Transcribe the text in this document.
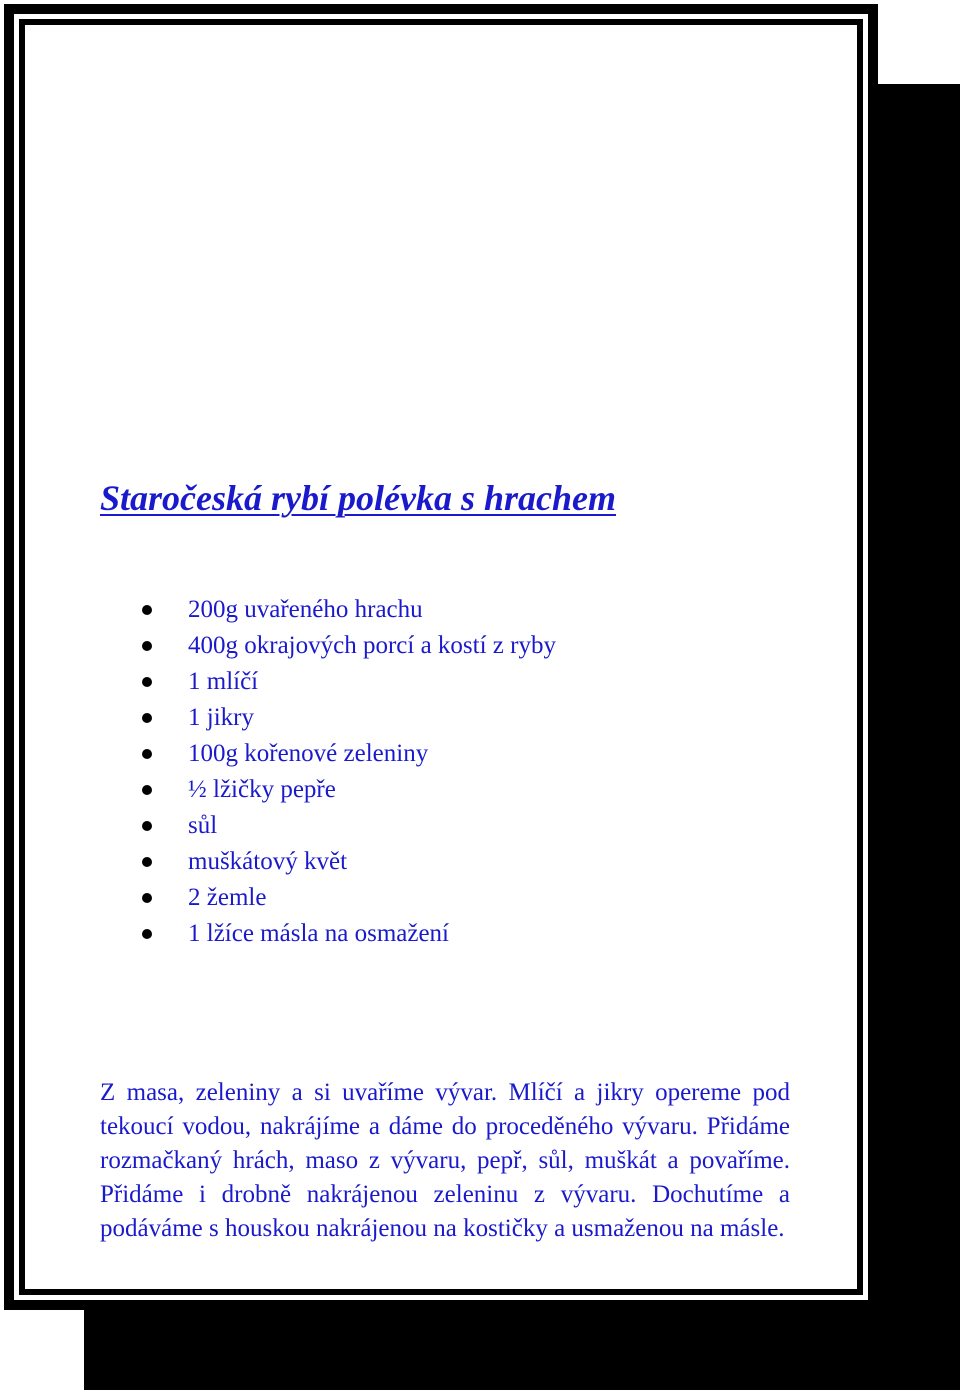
Staročeská rybí polévka s hrachem
200g uvařeného hrachu
400g okrajových porcí a kostí z ryby
1 mlíčí
1 jikry
100g kořenové zeleniny
½ lžičky pepře
sůl
muškátový květ
2 žemle
1 lžíce másla na osmažení

Z masa, zeleniny a si uvaříme vývar. Mlíčí a jikry opereme pod tekoucí vodou, nakrájíme a dáme do proceděného vývaru. Přidáme rozmačkaný hrách, maso z vývaru, pepř, sůl, muškát a povaříme. Přidáme i drobně nakrájenou zeleninu z vývaru. Dochutíme a podáváme s houskou nakrájenou na kostičky a usmaženou na másle.
